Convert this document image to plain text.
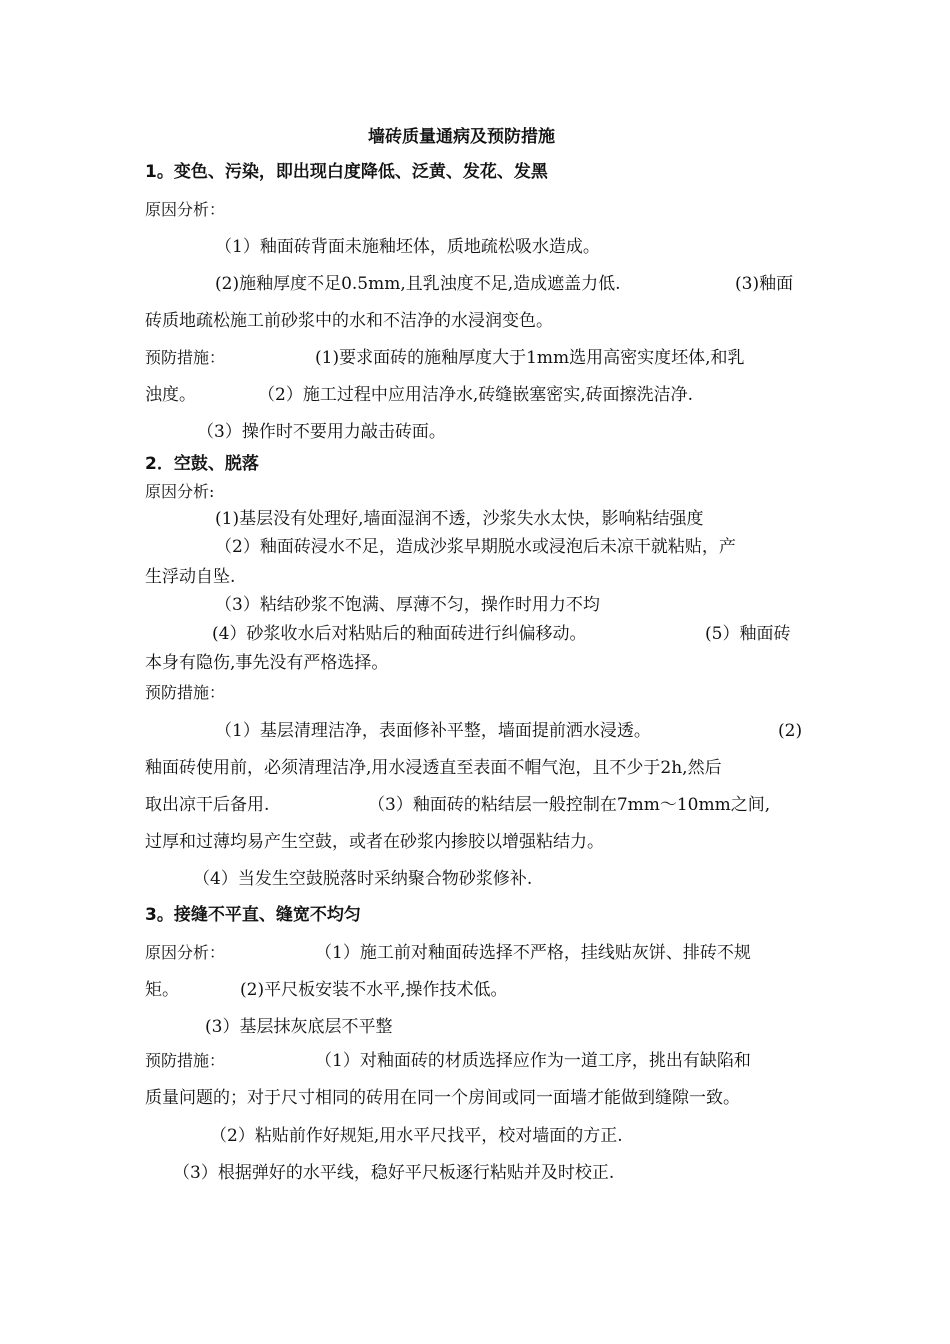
墙砖质量通病及预防措施
1。变色、污染，即出现白度降低、泛黄、发花、发黑
原因分析：
（1）釉面砖背面未施釉坯体，质地疏松吸水造成。
(2)施釉厚度不足0.5mm,且乳浊度不足,造成遮盖力低.	(3)釉面
砖质地疏松施工前砂浆中的水和不洁净的水浸润变色。
预防措施：	(1)要求面砖的施釉厚度大于1mm选用高密实度坯体,和乳
浊度。	（2）施工过程中应用洁净水,砖缝嵌塞密实,砖面擦洗洁净.
（3）操作时不要用力敲击砖面。
2．空鼓、脱落
原因分析:
(1)基层没有处理好,墙面湿润不透，沙浆失水太快，影响粘结强度
（2）釉面砖浸水不足，造成沙浆早期脱水或浸泡后未凉干就粘贴，产
生浮动自坠.
（3）粘结砂浆不饱满、厚薄不匀，操作时用力不均
(4）砂浆收水后对粘贴后的釉面砖进行纠偏移动。	(5）釉面砖
本身有隐伤,事先没有严格选择。
预防措施：
（1）基层清理洁净，表面修补平整，墙面提前洒水浸透。	(2)
釉面砖使用前，必须清理洁净,用水浸透直至表面不帽气泡，且不少于2h,然后
取出凉干后备用.	（3）釉面砖的粘结层一般控制在7mm～10mm之间,
过厚和过薄均易产生空鼓，或者在砂浆内掺胶以增强粘结力。
（4）当发生空鼓脱落时采纳聚合物砂浆修补.
3。接缝不平直、缝宽不均匀
原因分析：	（1）施工前对釉面砖选择不严格，挂线贴灰饼、排砖不规
矩。	(2)平尺板安装不水平,操作技术低。
(3）基层抹灰底层不平整
预防措施：	（1）对釉面砖的材质选择应作为一道工序，挑出有缺陷和
质量问题的；对于尺寸相同的砖用在同一个房间或同一面墙才能做到缝隙一致。
（2）粘贴前作好规矩,用水平尺找平，校对墙面的方正.
（3）根据弹好的水平线，稳好平尺板逐行粘贴并及时校正.
